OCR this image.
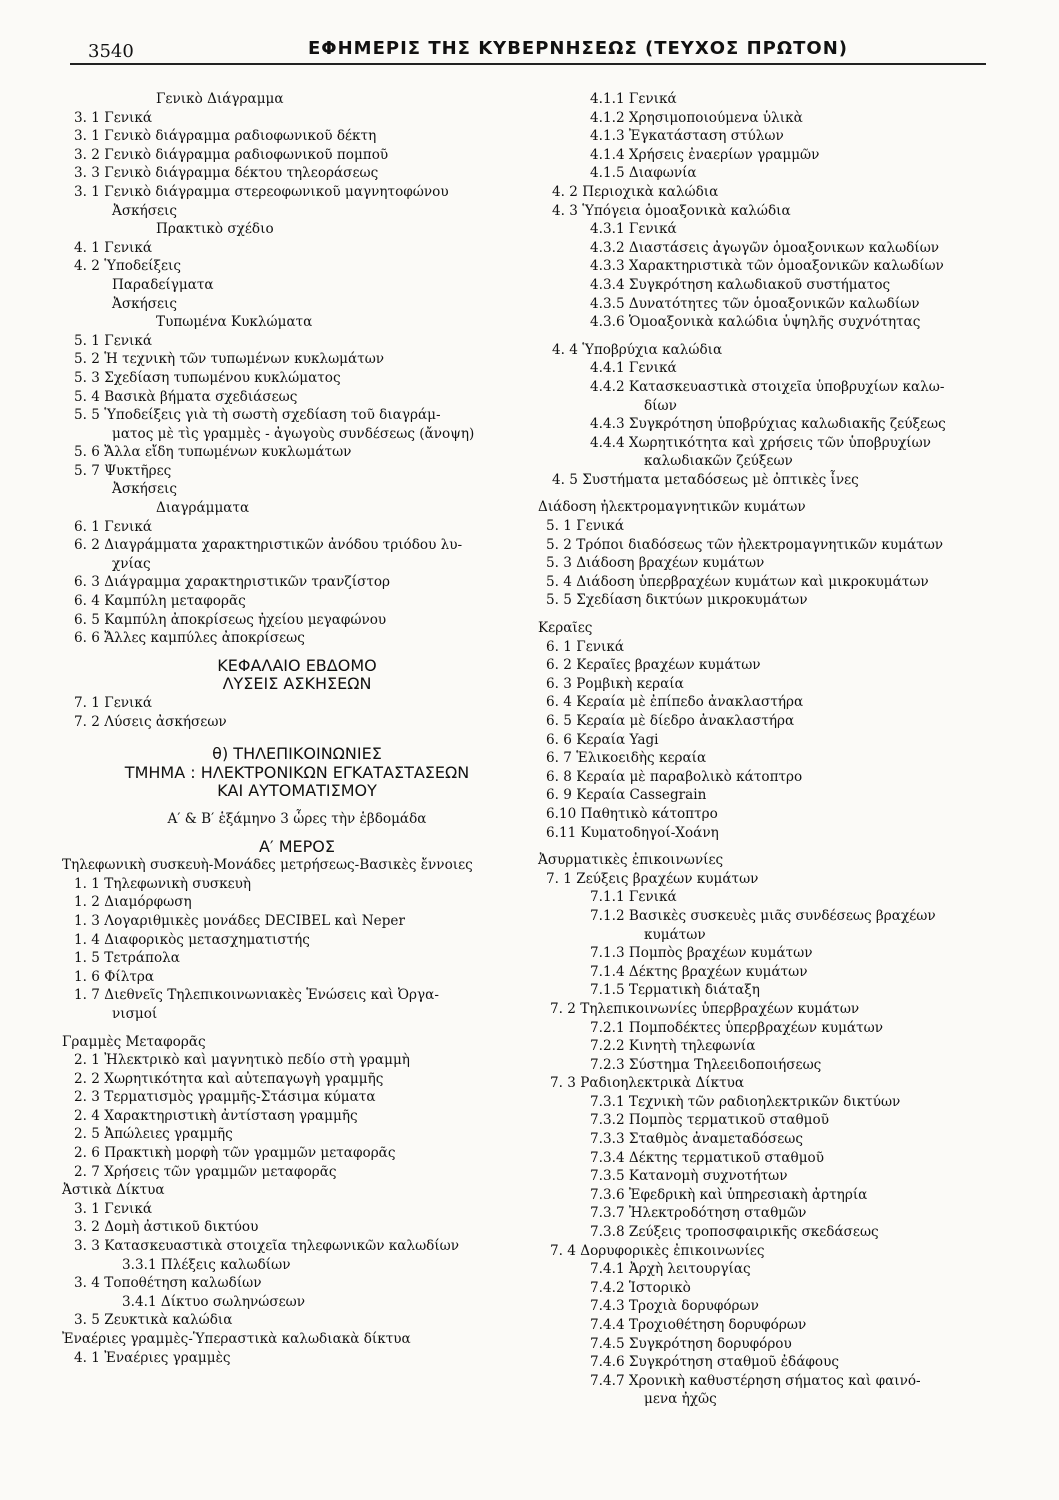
3540	ΕΦΗΜΕΡΙΣ ΤΗΣ ΚΥΒΕΡΝΗΣΕΩΣ (ΤΕΥΧΟΣ ΠΡΩΤΟΝ)
Γενικὸ Διάγραμμα
3. 1 Γενικά
3. 1 Γενικὸ διάγραμμα ραδιοφωνικοῦ δέκτη
3. 2 Γενικὸ διάγραμμα ραδιοφωνικοῦ πομποῦ
3. 3 Γενικὸ διάγραμμα δέκτου τηλεοράσεως
3. 1 Γενικὸ διάγραμμα στερεοφωνικοῦ μαγνητοφώνου
Ἀσκήσεις
Πρακτικὸ σχέδιο
4. 1 Γενικά
4. 2 Ὑποδείξεις
Παραδείγματα
Ἀσκήσεις
Τυπωμένα Κυκλώματα
5. 1 Γενικά
5. 2 Ἡ τεχνικὴ τῶν τυπωμένων κυκλωμάτων
5. 3 Σχεδίαση τυπωμένου κυκλώματος
5. 4 Βασικὰ βήματα σχεδιάσεως
5. 5 Ὑποδείξεις γιὰ τὴ σωστὴ σχεδίαση τοῦ διαγράμ-
ματος μὲ τὶς γραμμὲς - ἀγωγοὺς συνδέσεως (ἄνοψη)
5. 6 Ἄλλα εἴδη τυπωμένων κυκλωμάτων
5. 7 Ψυκτῆρες
Ἀσκήσεις
Διαγράμματα
6. 1 Γενικά
6. 2 Διαγράμματα χαρακτηριστικῶν ἀνόδου τριόδου λυ-
χνίας
6. 3 Διάγραμμα χαρακτηριστικῶν τρανζίστορ
6. 4 Καμπύλη μεταφορᾶς
6. 5 Καμπύλη ἀποκρίσεως ἠχείου μεγαφώνου
6. 6 Ἄλλες καμπύλες ἀποκρίσεως
ΚΕΦΑΛΑΙΟ ΕΒΔΟΜΟ
ΛΥΣΕΙΣ ΑΣΚΗΣΕΩΝ
7. 1 Γενικά
7. 2 Λύσεις ἀσκήσεων
θ) ΤΗΛΕΠΙΚΟΙΝΩΝΙΕΣ
ΤΜΗΜΑ : ΗΛΕΚΤΡΟΝΙΚΩΝ ΕΓΚΑΤΑΣΤΑΣΕΩΝ
ΚΑΙ ΑΥΤΟΜΑΤΙΣΜΟΥ
Α′ & Β′ ἑξάμηνο 3 ὧρες τὴν ἑβδομάδα
Α′ ΜΕΡΟΣ
Τηλεφωνικὴ συσκευὴ-Μονάδες μετρήσεως-Βασικὲς ἔννοιες
1. 1 Τηλεφωνικὴ συσκευὴ
1. 2 Διαμόρφωση
1. 3 Λογαριθμικὲς μονάδες DECIBEL καὶ Neper
1. 4 Διαφορικὸς μετασχηματιστής
1. 5 Τετράπολα
1. 6 Φίλτρα
1. 7 Διεθνεῖς Τηλεπικοινωνιακὲς Ἑνώσεις καὶ Ὀργα-
νισμοί
Γραμμὲς Μεταφορᾶς
2. 1 Ἠλεκτρικὸ καὶ μαγνητικὸ πεδίο στὴ γραμμὴ
2. 2 Χωρητικότητα καὶ αὐτεπαγωγὴ γραμμῆς
2. 3 Τερματισμὸς γραμμῆς-Στάσιμα κύματα
2. 4 Χαρακτηριστικὴ ἀντίσταση γραμμῆς
2. 5 Ἀπώλειες γραμμῆς
2. 6 Πρακτικὴ μορφὴ τῶν γραμμῶν μεταφορᾶς
2. 7 Χρήσεις τῶν γραμμῶν μεταφορᾶς
Ἀστικὰ Δίκτυα
3. 1 Γενικά
3. 2 Δομὴ ἀστικοῦ δικτύου
3. 3 Κατασκευαστικὰ στοιχεῖα τηλεφωνικῶν καλωδίων
3.3.1 Πλέξεις καλωδίων
3. 4 Τοποθέτηση καλωδίων
3.4.1 Δίκτυο σωληνώσεων
3. 5 Ζευκτικὰ καλώδια
Ἐναέριες γραμμὲς-Ὑπεραστικὰ καλωδιακὰ δίκτυα
4. 1 Ἐναέριες γραμμὲς
4.1.1 Γενικά
4.1.2 Χρησιμοποιούμενα ὑλικὰ
4.1.3 Ἐγκατάσταση στύλων
4.1.4 Χρήσεις ἐναερίων γραμμῶν
4.1.5 Διαφωνία
4. 2 Περιοχικὰ καλώδια
4. 3 Ὑπόγεια ὁμοαξονικὰ καλώδια
4.3.1 Γενικά
4.3.2 Διαστάσεις ἀγωγῶν ὁμοαξονικων καλωδίων
4.3.3 Χαρακτηριστικὰ τῶν ὁμοαξονικῶν καλωδίων
4.3.4 Συγκρότηση καλωδιακοῦ συστήματος
4.3.5 Δυνατότητες τῶν ὁμοαξονικῶν καλωδίων
4.3.6 Ὁμοαξονικὰ καλώδια ὑψηλῆς συχνότητας
4. 4 Ὑποβρύχια καλώδια
4.4.1 Γενικά
4.4.2 Κατασκευαστικὰ στοιχεῖα ὑποβρυχίων καλω-
δίων
4.4.3 Συγκρότηση ὑποβρύχιας καλωδιακῆς ζεύξεως
4.4.4 Χωρητικότητα καὶ χρήσεις τῶν ὑποβρυχίων
καλωδιακῶν ζεύξεων
4. 5 Συστήματα μεταδόσεως μὲ ὀπτικὲς ἶνες
Διάδοση ἠλεκτρομαγνητικῶν κυμάτων
5. 1 Γενικά
5. 2 Τρόποι διαδόσεως τῶν ἠλεκτρομαγνητικῶν κυμάτων
5. 3 Διάδοση βραχέων κυμάτων
5. 4 Διάδοση ὑπερβραχέων κυμάτων καὶ μικροκυμάτων
5. 5 Σχεδίαση δικτύων μικροκυμάτων
Κεραῖες
6. 1 Γενικά
6. 2 Κεραῖες βραχέων κυμάτων
6. 3 Ρομβικὴ κεραία
6. 4 Κεραία μὲ ἐπίπεδο ἀνακλαστήρα
6. 5 Κεραία μὲ δίεδρο ἀνακλαστήρα
6. 6 Κεραία Yagi
6. 7 Ἑλικοειδὴς κεραία
6. 8 Κεραία μὲ παραβολικὸ κάτοπτρο
6. 9 Κεραία Cassegrain
6.10 Παθητικὸ κάτοπτρο
6.11 Κυματοδηγοί-Χοάνη
Ἀσυρματικὲς ἐπικοινωνίες
7. 1 Ζεύξεις βραχέων κυμάτων
7.1.1 Γενικά
7.1.2 Βασικὲς συσκευὲς μιᾶς συνδέσεως βραχέων
κυμάτων
7.1.3 Πομπὸς βραχέων κυμάτων
7.1.4 Δέκτης βραχέων κυμάτων
7.1.5 Τερματικὴ διάταξη
7. 2 Τηλεπικοινωνίες ὑπερβραχέων κυμάτων
7.2.1 Πομποδέκτες ὑπερβραχέων κυμάτων
7.2.2 Κινητὴ τηλεφωνία
7.2.3 Σύστημα Τηλεειδοποιήσεως
7. 3 Ραδιοηλεκτρικὰ Δίκτυα
7.3.1 Τεχνικὴ τῶν ραδιοηλεκτρικῶν δικτύων
7.3.2 Πομπὸς τερματικοῦ σταθμοῦ
7.3.3 Σταθμὸς ἀναμεταδόσεως
7.3.4 Δέκτης τερματικοῦ σταθμοῦ
7.3.5 Κατανομὴ συχνοτήτων
7.3.6 Ἐφεδρικὴ καὶ ὑπηρεσιακὴ ἀρτηρία
7.3.7 Ἠλεκτροδότηση σταθμῶν
7.3.8 Ζεύξεις τροποσφαιρικῆς σκεδάσεως
7. 4 Δορυφορικὲς ἐπικοινωνίες
7.4.1 Ἀρχὴ λειτουργίας
7.4.2 Ἱστορικὸ
7.4.3 Τροχιὰ δορυφόρων
7.4.4 Τροχιοθέτηση δορυφόρων
7.4.5 Συγκρότηση δορυφόρου
7.4.6 Συγκρότηση σταθμοῦ ἐδάφους
7.4.7 Χρονικὴ καθυστέρηση σήματος καὶ φαινό-
μενα ἠχῶς
